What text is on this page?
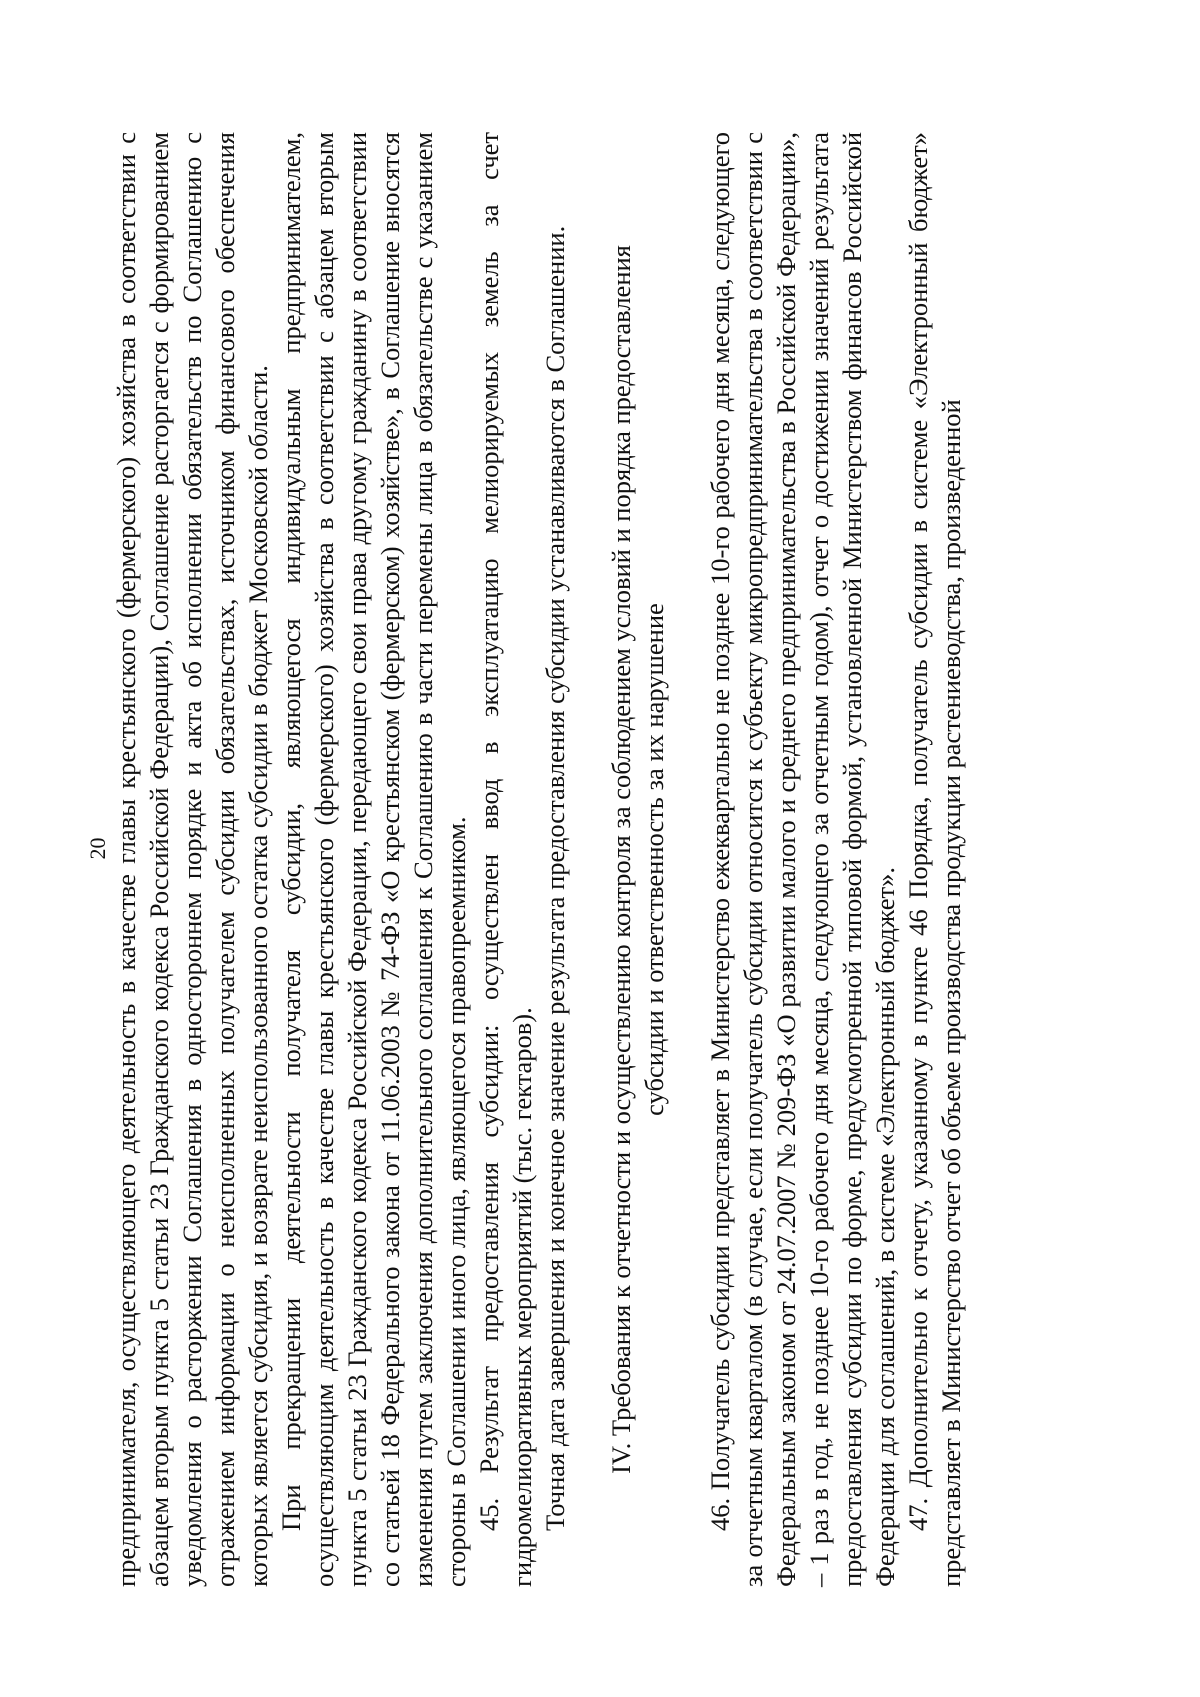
20 предпринимателя, осуществляющего деятельность в качестве главы крестьянского (фермерского) хозяйства в соответствии с абзацем вторым пункта 5 статьи 23 Гражданского кодекса Российской Федерации), Соглашение расторгается с формированием уведомления о расторжении Соглашения в одностороннем порядке и акта об исполнении обязательств по Соглашению с отражением информации о неисполненных получателем субсидии обязательствах, источником финансового обеспечения которых является субсидия, и возврате неиспользованного остатка субсидии в бюджет Московской области. При прекращении деятельности получателя субсидии, являющегося индивидуальным предпринимателем, осуществляющим деятельность в качестве главы крестьянского (фермерского) хозяйства в соответствии с абзацем вторым пункта 5 статьи 23 Гражданского кодекса Российской Федерации, передающего свои права другому гражданину в соответствии со статьей 18 Федерального закона от 11.06.2003 № 74-ФЗ «О крестьянском (фермерском) хозяйстве», в Соглашение вносятся изменения путем заключения дополнительного соглашения к Соглашению в части перемены лица в обязательстве с указанием стороны в Соглашении иного лица, являющегося правопреемником. 45. Результат предоставления субсидии: осуществлен ввод в эксплуатацию мелиорируемых земель за счет гидромелиоративных мероприятий (тыс. гектаров). Точная дата завершения и конечное значение результата предоставления субсидии устанавливаются в Соглашении. IV. Требования к отчетности и осуществлению контроля за соблюдением условий и порядка предоставления субсидии и ответственность за их нарушение 46. Получатель субсидии представляет в Министерство ежеквартально не позднее 10-го рабочего дня месяца, следующего за отчетным кварталом (в случае, если получатель субсидии относится к субъекту микропредпринимательства в соответствии с Федеральным законом от 24.07.2007 № 209-ФЗ «О развитии малого и среднего предпринимательства в Российской Федерации», – 1 раз в год, не позднее 10-го рабочего дня месяца, следующего за отчетным годом), отчет о достижении значений результата предоставления субсидии по форме, предусмотренной типовой формой, установленной Министерством финансов Российской Федерации для соглашений, в системе «Электронный бюджет». 47. Дополнительно к отчету, указанному в пункте 46 Порядка, получатель субсидии в системе «Электронный бюджет» представляет в Министерство отчет об объеме производства продукции растениеводства, произведенной
